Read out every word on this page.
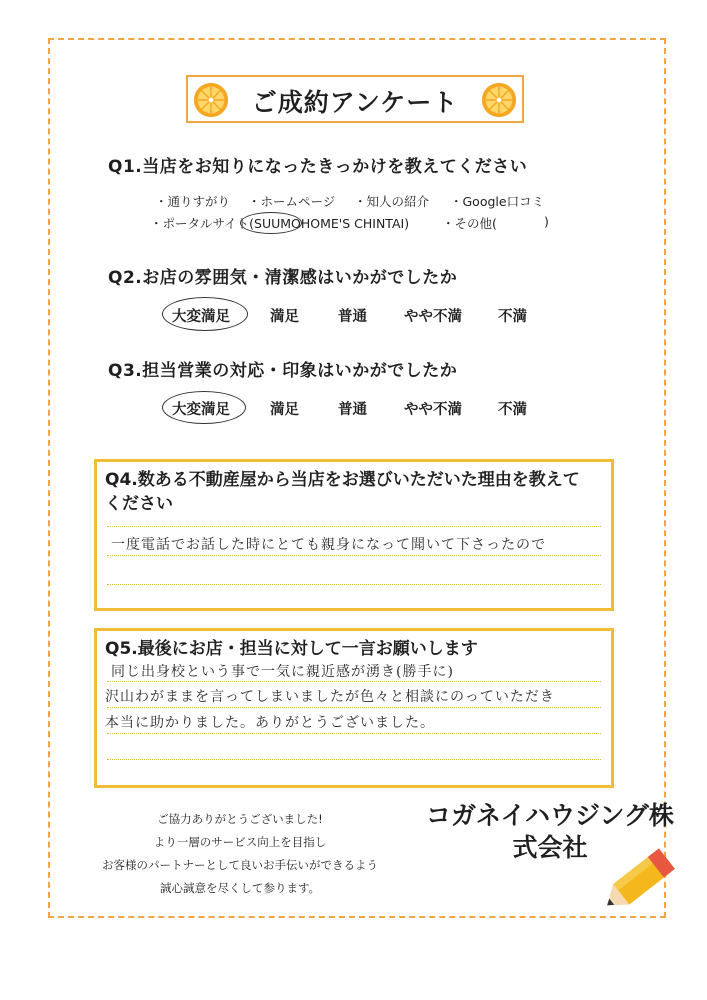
ご成約アンケート
Q1.当店をお知りになったきっかけを教えてください
・通りすがり ・ホームページ ・知人の紹介 ・Google口コミ
・ポータルサイト(SUUMOHOME'S CHINTAI)	・その他(	)
Q2.お店の雰囲気・清潔感はいかがでしたか
大変満足	満足	普通	やや不満 不満
Q3.担当営業の対応・印象はいかがでしたか
大変満足	満足	普通	やや不満 不満
Q4.数ある不動産屋から当店をお選びいただいた理由を教えて
ください
一度電話でお話した時にとても親身になって聞いて下さったので
Q5.最後にお店・担当に対して一言お願いします
同じ出身校という事で一気に親近感が湧き(勝手に)
沢山わがままを言ってしまいましたが色々と相談にのっていただき
本当に助かりました。ありがとうございました。
ご協力ありがとうございました!
より一層のサービス向上を目指し
お客様のパートナーとして良いお手伝いができるよう
誠心誠意を尽くして参ります。
コガネイハウジング株
式会社
